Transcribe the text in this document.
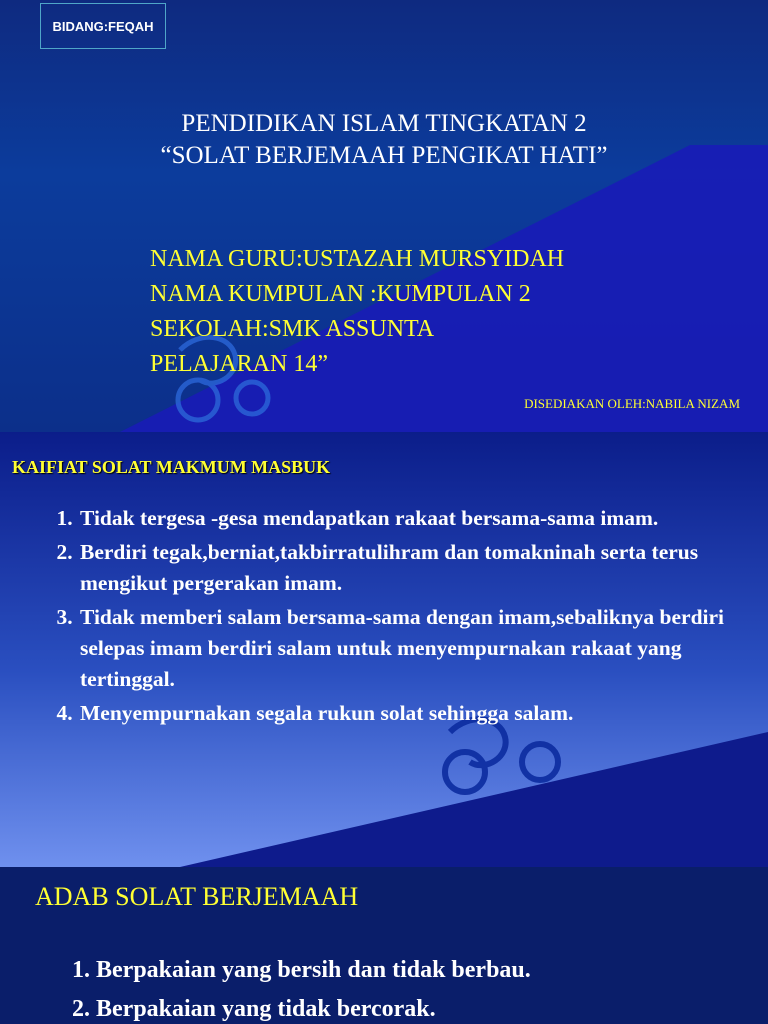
BIDANG:FEQAH
PENDIDIKAN ISLAM TINGKATAN 2
“SOLAT BERJEMAAH PENGIKAT HATI”
NAMA GURU:USTAZAH MURSYIDAH
NAMA KUMPULAN :KUMPULAN 2
SEKOLAH:SMK ASSUNTA
PELAJARAN 14”
DISEDIAKAN OLEH:NABILA NIZAM
KAIFIAT SOLAT MAKMUM MASBUK
1. Tidak tergesa -gesa mendapatkan rakaat bersama-sama imam.
2. Berdiri tegak,berniat,takbirratulihram dan tomakninah serta terus mengikut pergerakan imam.
3. Tidak memberi salam bersama-sama dengan imam,sebaliknya berdiri selepas imam berdiri salam untuk menyempurnakan rakaat yang tertinggal.
4. Menyempurnakan segala rukun solat sehingga salam.
ADAB SOLAT BERJEMAAH
1. Berpakaian yang bersih dan tidak berbau.
2. Berpakaian yang tidak bercorak.
